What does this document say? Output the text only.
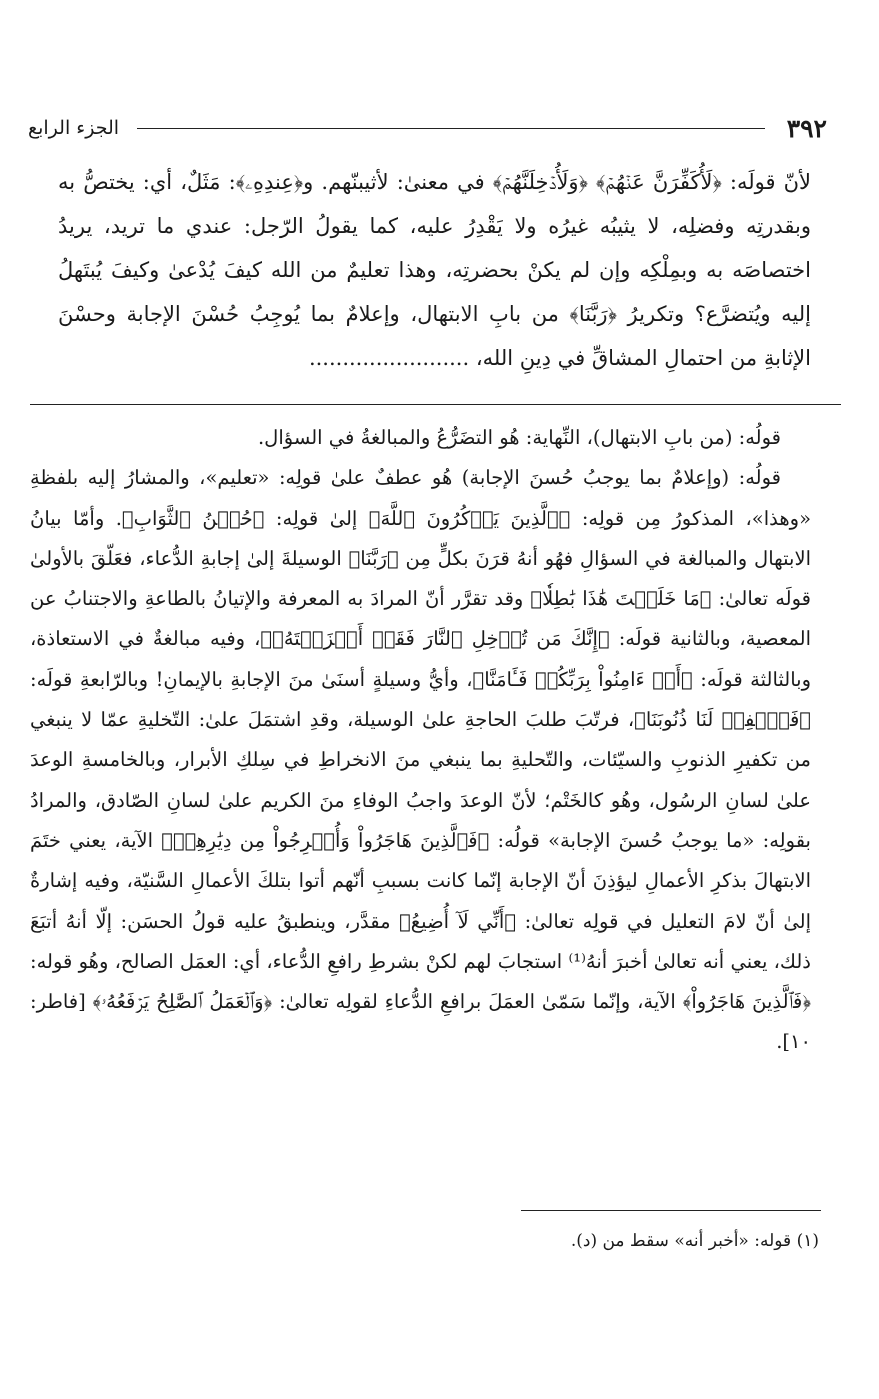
٣٩٢
الجزء الرابع

لأنّ قولَه: ﴿لَأُكَفِّرَنَّ عَنۡهُمۡ﴾ ﴿وَلَأُدۡخِلَنَّهُمۡ﴾ في معنىٰ: لأثيبنّهم. و﴿عِندِهِۦ﴾: مَثَلٌ، أي: يختصُّ به وبقدرتِه وفضلِه، لا يثيبُه غيرُه ولا يَقْدِرُ عليه، كما يقولُ الرّجل: عندي ما تريد، يريدُ اختصاصَه به وبمِلْكِه وإن لم يكنْ بحضرتِه، وهذا تعليمٌ من الله كيفَ يُدْعىٰ وكيفَ يُبتَهلُ إليه ويُتضرَّع؟ وتكريرُ ﴿رَبَّنَا﴾ من بابِ الابتهال، وإعلامٌ بما يُوجِبُ حُسْنَ الإجابة وحسْنَ الإثابةِ من احتمالِ المشاقِّ في دِينِ الله، ........................

قولُه: (من بابِ الابتهال)، النِّهاية: هُو التضَرُّعُ والمبالغةُ في السؤال.

قولُه: (وإعلامٌ بما يوجبُ حُسنَ الإجابة) هُو عطفٌ علىٰ قولِه: «تعليم»، والمشارُ إليه بلفظةِ «وهذا»، المذكورُ مِن قولِه: ﴿ٱلَّذِينَ يَذۡكُرُونَ ٱللَّهَ﴾ إلىٰ قولِه: ﴿حُسۡنُ ٱلثَّوَابِ﴾. وأمّا بيانُ الابتهال والمبالغة في السؤالِ فهُو أنهُ قرَنَ بكلٍّ مِن ﴿رَبَّنَا﴾ الوسيلةَ إلىٰ إجابةِ الدُّعاء، فعَلّقَ بالأولىٰ قولَه تعالىٰ: ﴿مَا خَلَقۡتَ هَٰذَا بَٰطِلٗا﴾ وقد تقرَّر أنّ المرادَ به المعرفة والإتيانُ بالطاعةِ والاجتنابُ عن المعصية، وبالثانية قولَه: ﴿إِنَّكَ مَن تُدۡخِلِ ٱلنَّارَ فَقَدۡ أَخۡزَيۡتَهُۥ﴾، وفيه مبالغةٌ في الاستعاذة، وبالثالثة قولَه: ﴿أَنۡ ءَامِنُواْ بِرَبِّكُمۡ فَـَٔامَنَّا﴾، وأيُّ وسيلةٍ أسنَىٰ منَ الإجابةِ بالإيمانِ! وبالرّابعةِ قولَه: ﴿فَٱغۡفِرۡ لَنَا ذُنُوبَنَا﴾، فرتّبَ طلبَ الحاجةِ علىٰ الوسيلة، وقدِ اشتمَلَ علىٰ: التّخليةِ عمّا لا ينبغي من تكفيرِ الذنوبِ والسيّئات، والتّحليةِ بما ينبغي منَ الانخراطِ في سِلكِ الأبرار، وبالخامسةِ الوعدَ علىٰ لسانِ الرسُول، وهُو كالخَتْم؛ لأنّ الوعدَ واجبُ الوفاءِ منَ الكريم علىٰ لسانِ الصّادق، والمرادُ بقولِه: «ما يوجبُ حُسنَ الإجابة» قولُه: ﴿فَٱلَّذِينَ هَاجَرُواْ وَأُخۡرِجُواْ مِن دِيَٰرِهِمۡ﴾ الآية، يعني ختَمَ الابتهالَ بذكرِ الأعمالِ ليؤذِنَ أنّ الإجابة إنّما كانت بسببِ أنّهم أتوا بتلكَ الأعمالِ السَّنيّة، وفيه إشارةٌ إلىٰ أنّ لامَ التعليل في قولِه تعالىٰ: ﴿أَنِّي لَآ أُضِيعُ﴾ مقدَّر، وينطبقُ عليه قولُ الحسَن: إلّا أنهُ أتبَعَ ذلك، يعني أنه تعالىٰ أخبرَ أنهُ⁽¹⁾ استجابَ لهم لكنْ بشرطِ رافعِ الدُّعاء، أي: العمَل الصالح، وهُو قوله: ﴿فَٱلَّذِينَ هَاجَرُواْ﴾ الآية، وإنّما سَمّىٰ العمَلَ برافعِ الدُّعاءِ لقولِه تعالىٰ: ﴿وَٱلۡعَمَلُ ٱلصَّٰلِحُ يَرۡفَعُهُۥ﴾ [فاطر: ١٠].

(١) قوله: «أخبر أنه» سقط من (د).
